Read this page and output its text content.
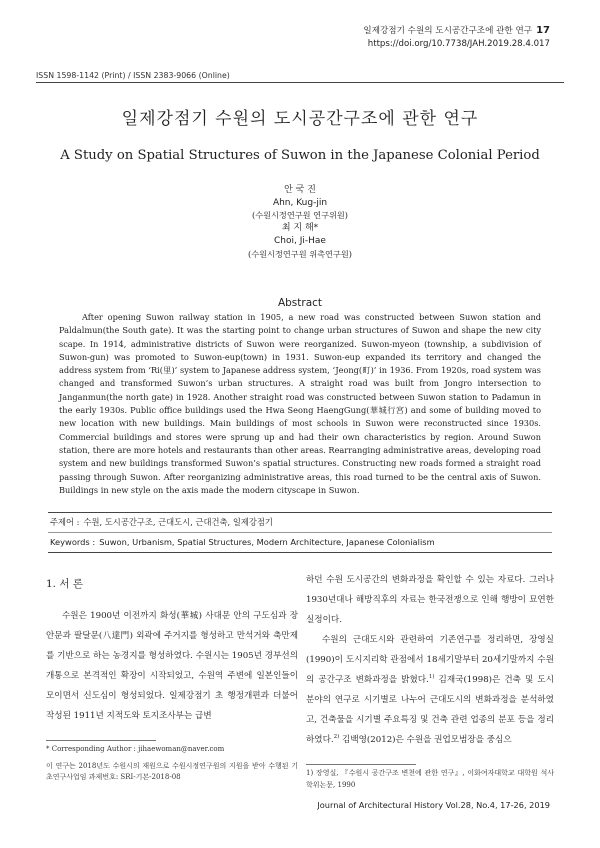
일제강점기 수원의 도시공간구조에 관한 연구 17
https://doi.org/10.7738/JAH.2019.28.4.017
ISSN 1598-1142 (Print) / ISSN 2383-9066 (Online)
일제강점기 수원의 도시공간구조에 관한 연구
A Study on Spatial Structures of Suwon in the Japanese Colonial Period
안 국 진
Ahn, Kug-jin
(수원시정연구원 연구위원)
최 지 해*
Choi, Ji-Hae
(수원시정연구원 위촉연구원)
Abstract

After opening Suwon railway station in 1905, a new road was constructed between Suwon station and Paldalmun(the South gate). It was the starting point to change urban structures of Suwon and shape the new city scape. In 1914, administrative districts of Suwon were reorganized. Suwon-myeon (township, a subdivision of Suwon-gun) was promoted to Suwon-eup(town) in 1931. Suwon-eup expanded its territory and changed the address system from ‘Ri(里)’ system to Japanese address system, ‘Jeong(町)’ in 1936. From 1920s, road system was changed and transformed Suwon’s urban structures. A straight road was built from Jongro intersection to Janganmun(the north gate) in 1928. Another straight road was constructed between Suwon station to Padamun in the early 1930s. Public office buildings used the Hwa Seong HaengGung(華城行宮) and some of building moved to new location with new buildings. Main buildings of most schools in Suwon were reconstructed since 1930s. Commercial buildings and stores were sprung up and had their own characteristics by region. Around Suwon station, there are more hotels and restaurants than other areas. Rearranging administrative areas, developing road system and new buildings transformed Suwon’s spatial structures. Constructing new roads formed a straight road passing through Suwon. After reorganizing administrative areas, this road turned to be the central axis of Suwon. Buildings in new style on the axis made the modern cityscape in Suwon.

주제어 : 수원, 도시공간구조, 근대도시, 근대건축, 일제강점기
Keywords : Suwon, Urbanism, Spatial Structures, Modern Architecture, Japanese Colonialism
1. 서 론

수원은 1900년 이전까지 화성(華城) 사대문 안의 구도심과 장안문과 팔달문(八達門) 외곽에 주거지를 형성하고 만석거와 축만제를 기반으로 하는 농경지를 형성하였다. 수원시는 1905년 경부선의 개통으로 본격적인 확장이 시작되었고, 수원역 주변에 일본인들이 모이면서 신도심이 형성되었다. 일제강점기 초 행정개편과 더불어 작성된 1911년 지적도와 토지조사부는 급변

* Corresponding Author : jihaewoman@naver.com
이 연구는 2018년도 수원시의 재원으로 수원시정연구원의 지원을 받아 수행된 기초연구사업임 과제번호: SRI-기본-2018-08

하던 수원 도시공간의 변화과정을 확인할 수 있는 자료다. 그러나 1930년대나 해방직후의 자료는 한국전쟁으로 인해 행방이 묘연한 실정이다.

수원의 근대도시와 관련하여 기존연구를 정리하면, 장영실(1990)이 도시지리학 관점에서 18세기말부터 20세기말까지 수원의 공간구조 변화과정을 밝혔다.$^{1)}$ 김재국(1998)은 건축 및 도시 분야의 연구로 시기별로 나누어 근대도시의 변화과정을 분석하였고, 건축물을 시기별 주요특징 및 건축 관련 업종의 분포 등을 정리하였다.$^{2)}$ 김백영(2012)은 수원을 권업모범장을 중심으

1) 장영실, 『수원시 공간구조 변천에 관한 연구』, 이화여자대학교 대학원 석사학위논문, 1990
Journal of Architectural History Vol.28, No.4, 17-26, 2019
